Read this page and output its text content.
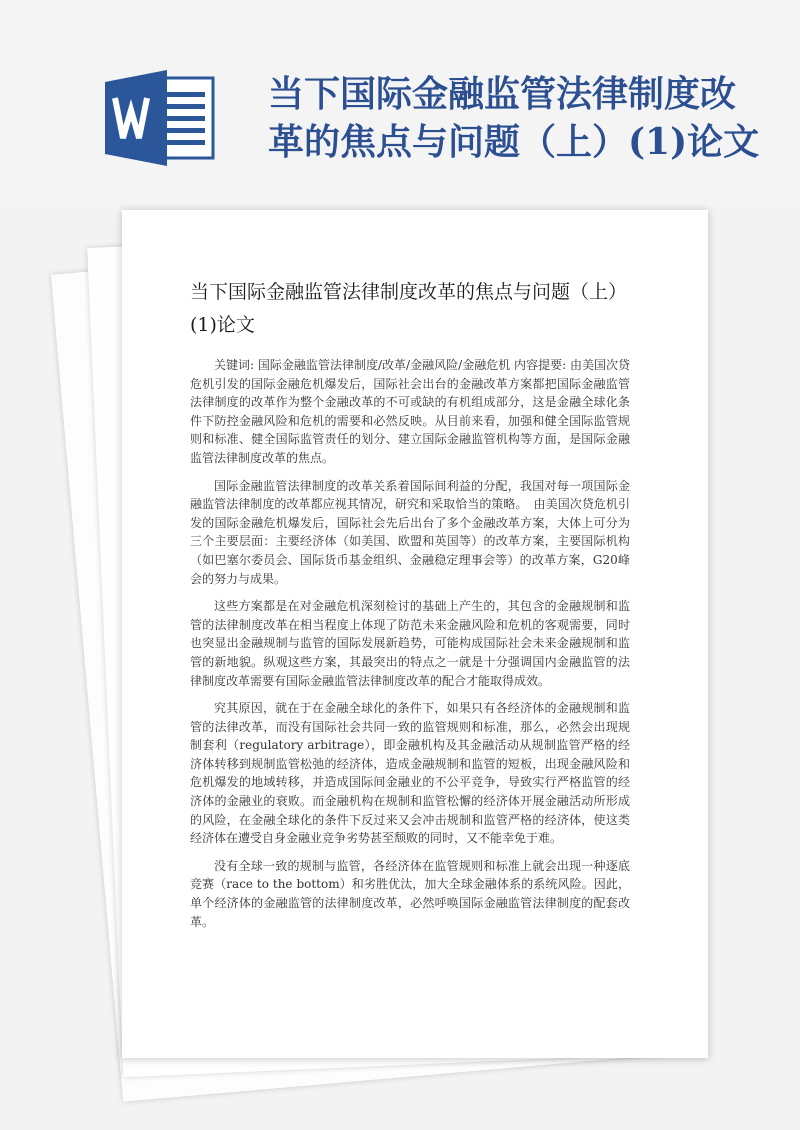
当下国际金融监管法律制度改革的焦点与问题（上）(1)论文
当下国际金融监管法律制度改革的焦点与问题（上）(1)论文

关键词: 国际金融监管法律制度/改革/金融风险/金融危机 内容提要: 由美国次贷危机引发的国际金融危机爆发后，国际社会出台的金融改革方案都把国际金融监管法律制度的改革作为整个金融改革的不可或缺的有机组成部分，这是金融全球化条件下防控金融风险和危机的需要和必然反映。从目前来看，加强和健全国际监管规则和标准、健全国际监管责任的划分、建立国际金融监管机构等方面，是国际金融监管法律制度改革的焦点。

国际金融监管法律制度的改革关系着国际间利益的分配，我国对每一项国际金融监管法律制度的改革都应视其情况，研究和采取恰当的策略。　由美国次贷危机引发的国际金融危机爆发后，国际社会先后出台了多个金融改革方案，大体上可分为三个主要层面：主要经济体（如美国、欧盟和英国等）的改革方案，主要国际机构（如巴塞尔委员会、国际货币基金组织、金融稳定理事会等）的改革方案，G20峰会的努力与成果。

这些方案都是在对金融危机深刻检讨的基础上产生的，其包含的金融规制和监管的法律制度改革在相当程度上体现了防范未来金融风险和危机的客观需要，同时也突显出金融规制与监管的国际发展新趋势，可能构成国际社会未来金融规制和监管的新地貌。纵观这些方案，其最突出的特点之一就是十分强调国内金融监管的法律制度改革需要有国际金融监管法律制度改革的配合才能取得成效。

究其原因，就在于在金融全球化的条件下，如果只有各经济体的金融规制和监管的法律改革，而没有国际社会共同一致的监管规则和标准，那么，必然会出现规制套利（regulatory arbitrage），即金融机构及其金融活动从规制监管严格的经济体转移到规制监管松弛的经济体，造成金融规制和监管的短板，出现金融风险和危机爆发的地域转移，并造成国际间金融业的不公平竞争，导致实行严格监管的经济体的金融业的衰败。而金融机构在规制和监管松懈的经济体开展金融活动所形成的风险，在金融全球化的条件下反过来又会冲击规制和监管严格的经济体，使这类经济体在遭受自身金融业竞争劣势甚至颓败的同时，又不能幸免于难。

没有全球一致的规制与监管，各经济体在监管规则和标准上就会出现一种逐底竞赛（race to the bottom）和劣胜优汰，加大全球金融体系的系统风险。因此，单个经济体的金融监管的法律制度改革，必然呼唤国际金融监管法律制度的配套改革。
